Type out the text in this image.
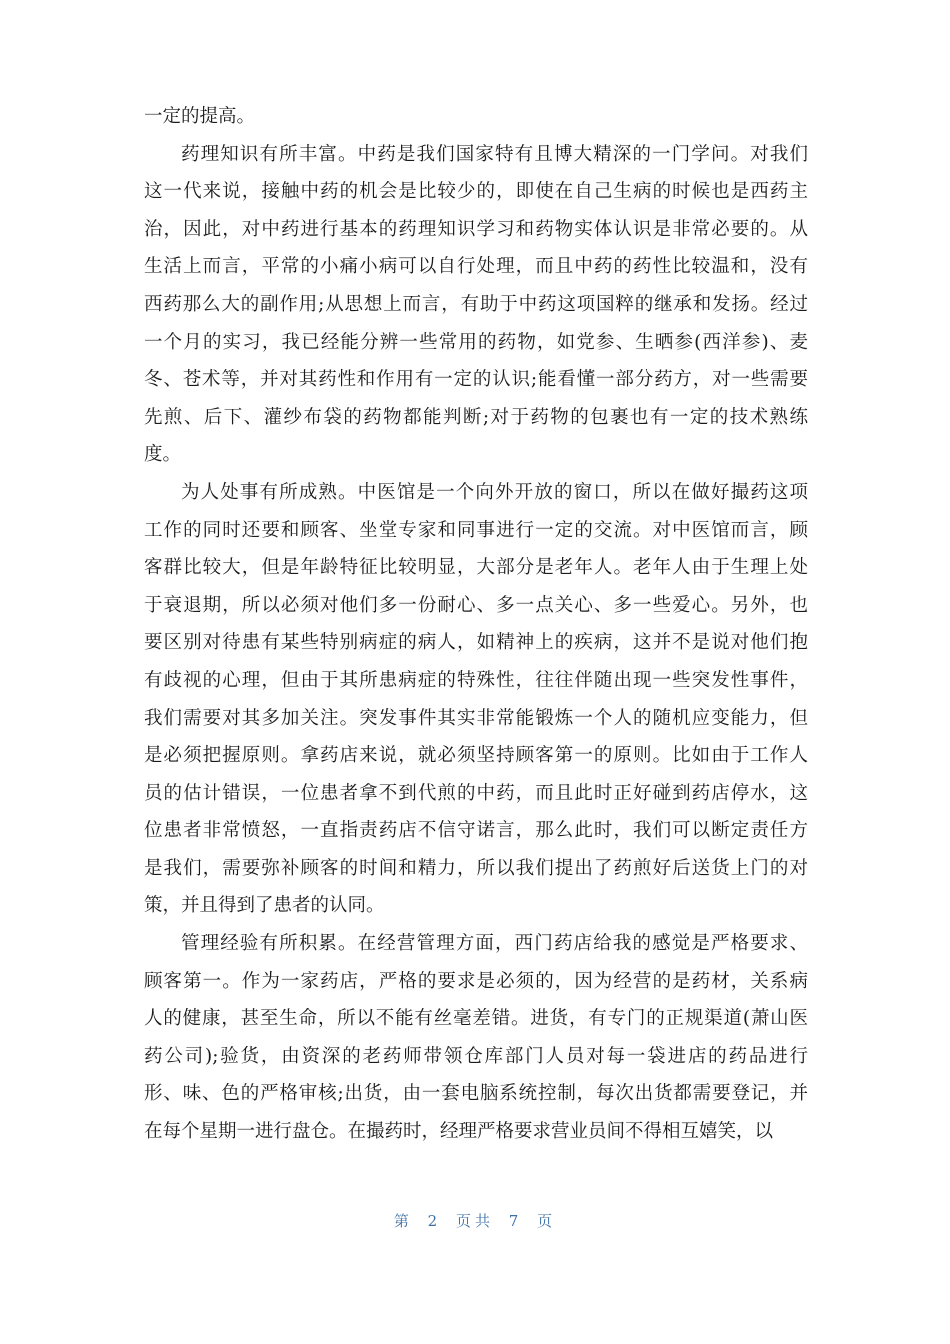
一定的提高。
药理知识有所丰富。中药是我们国家特有且博大精深的一门学问。对我们
这一代来说，接触中药的机会是比较少的，即使在自己生病的时候也是西药主
治，因此，对中药进行基本的药理知识学习和药物实体认识是非常必要的。从
生活上而言，平常的小痛小病可以自行处理，而且中药的药性比较温和，没有
西药那么大的副作用;从思想上而言，有助于中药这项国粹的继承和发扬。经过
一个月的实习，我已经能分辨一些常用的药物，如党参、生晒参(西洋参)、麦
冬、苍术等，并对其药性和作用有一定的认识;能看懂一部分药方，对一些需要
先煎、后下、灌纱布袋的药物都能判断;对于药物的包裹也有一定的技术熟练
度。
为人处事有所成熟。中医馆是一个向外开放的窗口，所以在做好撮药这项
工作的同时还要和顾客、坐堂专家和同事进行一定的交流。对中医馆而言，顾
客群比较大，但是年龄特征比较明显，大部分是老年人。老年人由于生理上处
于衰退期，所以必须对他们多一份耐心、多一点关心、多一些爱心。另外，也
要区别对待患有某些特别病症的病人，如精神上的疾病，这并不是说对他们抱
有歧视的心理，但由于其所患病症的特殊性，往往伴随出现一些突发性事件，
我们需要对其多加关注。突发事件其实非常能锻炼一个人的随机应变能力，但
是必须把握原则。拿药店来说，就必须坚持顾客第一的原则。比如由于工作人
员的估计错误，一位患者拿不到代煎的中药，而且此时正好碰到药店停水，这
位患者非常愤怒，一直指责药店不信守诺言，那么此时，我们可以断定责任方
是我们，需要弥补顾客的时间和精力，所以我们提出了药煎好后送货上门的对
策，并且得到了患者的认同。
管理经验有所积累。在经营管理方面，西门药店给我的感觉是严格要求、
顾客第一。作为一家药店，严格的要求是必须的，因为经营的是药材，关系病
人的健康，甚至生命，所以不能有丝毫差错。进货，有专门的正规渠道(萧山医
药公司);验货，由资深的老药师带领仓库部门人员对每一袋进店的药品进行
形、味、色的严格审核;出货，由一套电脑系统控制，每次出货都需要登记，并
在每个星期一进行盘仓。在撮药时，经理严格要求营业员间不得相互嬉笑，以
第 2 页共 7 页
